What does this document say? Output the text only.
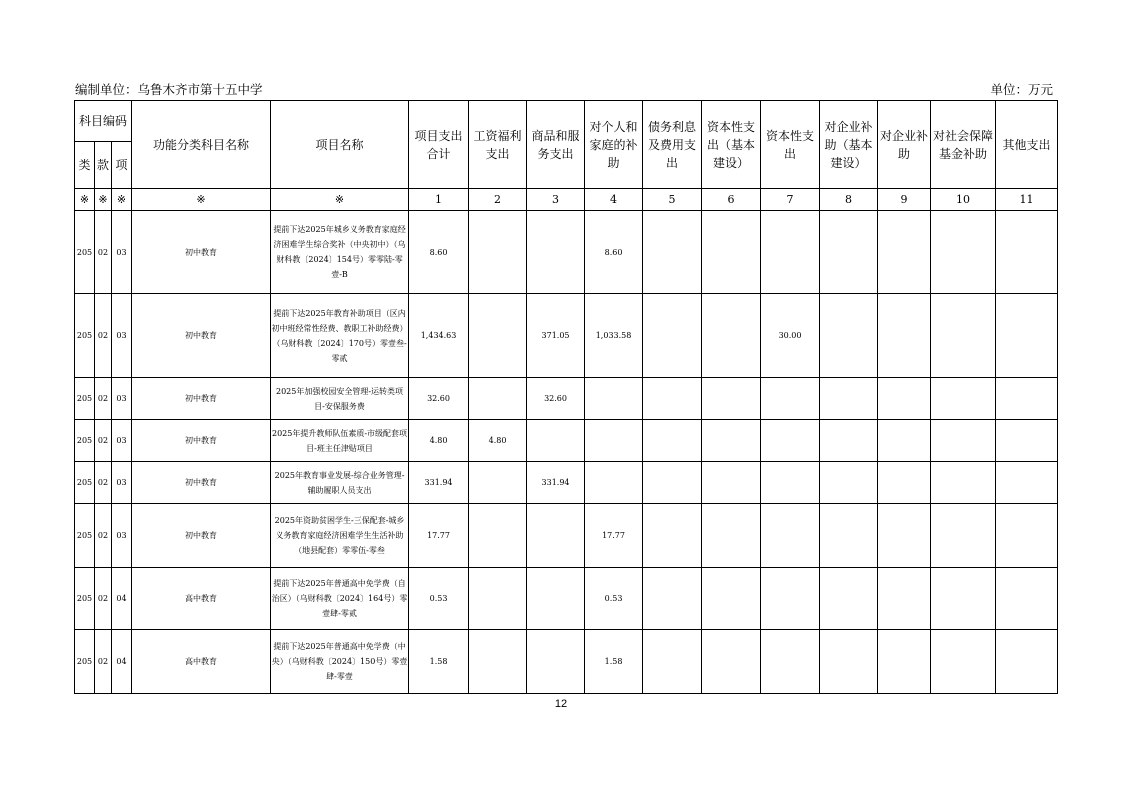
编制单位：乌鲁木齐市第十五中学	单位：万元
科目编码			功能分类科目名称	项目名称	项目支出合计	工资福利支出	商品和服务支出	对个人和家庭的补助	债务利息及费用支出	资本性支出（基本建设）	资本性支出	对企业补助（基本建设）	对企业补助	对社会保障基金补助	其他支出
类	款	项													
※	※	※	※	※	1	2	3	4	5	6	7	8	9	10	11
205	02	03	初中教育	提前下达2025年城乡义务教育家庭经济困难学生综合奖补（中央初中）（乌财科教〔2024〕154号）零零陆-零壹-B	8.60			8.60							
205	02	03	初中教育	提前下达2025年教育补助项目（区内初中班经常性经费、教职工补助经费）（乌财科教〔2024〕170号）零壹叁-零贰	1,434.63		371.05	1,033.58			30.00				
205	02	03	初中教育	2025年加强校园安全管理-运转类项目-安保服务费	32.60		32.60								
205	02	03	初中教育	2025年提升教师队伍素质-市级配套项目-班主任津贴项目	4.80	4.80									
205	02	03	初中教育	2025年教育事业发展-综合业务管理-辅助履职人员支出	331.94		331.94								
205	02	03	初中教育	2025年资助贫困学生-三保配套-城乡义务教育家庭经济困难学生生活补助（地县配套）零零伍-零叁	17.77			17.77							
205	02	04	高中教育	提前下达2025年普通高中免学费（自治区）（乌财科教〔2024〕164号）零壹肆-零贰	0.53			0.53							
205	02	04	高中教育	提前下达2025年普通高中免学费（中央）（乌财科教〔2024〕150号）零壹肆-零壹	1.58			1.58							
12
